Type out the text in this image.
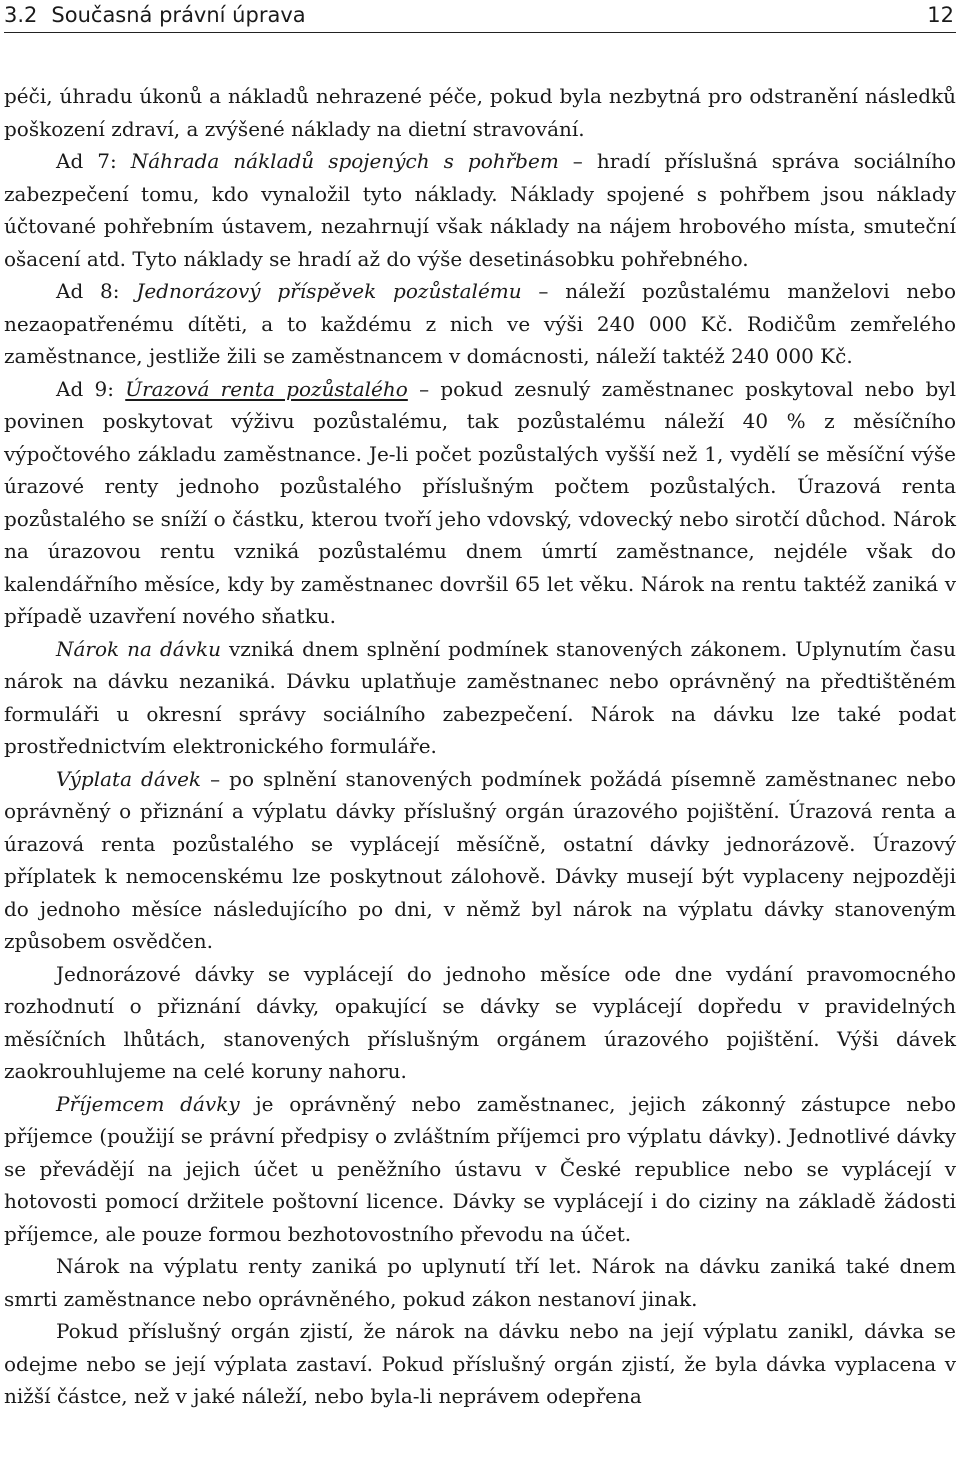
3.2 Současná právní úprava	12

péči, úhradu úkonů a nákladů nehrazené péče, pokud byla nezbytná pro odstranění následků poškození zdraví, a zvýšené náklady na dietní stravování.

Ad 7: Náhrada nákladů spojených s pohřbem – hradí příslušná správa sociálního zabezpečení tomu, kdo vynaložil tyto náklady. Náklady spojené s pohřbem jsou náklady účtované pohřebním ústavem, nezahrnují však náklady na nájem hrobového místa, smuteční ošacení atd. Tyto náklady se hradí až do výše desetinásobku pohřebného.

Ad 8: Jednorázový příspěvek pozůstalému – náleží pozůstalému manželovi nebo nezaopatřenému dítěti, a to každému z nich ve výši 240 000 Kč. Rodičům zemřelého zaměstnance, jestliže žili se zaměstnancem v domácnosti, náleží taktéž 240 000 Kč.

Ad 9: Úrazová renta pozůstalého – pokud zesnulý zaměstnanec poskytoval nebo byl povinen poskytovat výživu pozůstalému, tak pozůstalému náleží 40 % z měsíčního výpočtového základu zaměstnance. Je-li počet pozůstalých vyšší než 1, vydělí se měsíční výše úrazové renty jednoho pozůstalého příslušným počtem pozůstalých. Úrazová renta pozůstalého se sníží o částku, kterou tvoří jeho vdovský, vdovecký nebo sirotčí důchod. Nárok na úrazovou rentu vzniká pozůstalému dnem úmrtí zaměstnance, nejdéle však do kalendářního měsíce, kdy by zaměstnanec dovršil 65 let věku. Nárok na rentu taktéž zaniká v případě uzavření nového sňatku.

Nárok na dávku vzniká dnem splnění podmínek stanovených zákonem. Uplynutím času nárok na dávku nezaniká. Dávku uplatňuje zaměstnanec nebo oprávněný na předtištěném formuláři u okresní správy sociálního zabezpečení. Nárok na dávku lze také podat prostřednictvím elektronického formuláře.

Výplata dávek – po splnění stanovených podmínek požádá písemně zaměstnanec nebo oprávněný o přiznání a výplatu dávky příslušný orgán úrazového pojištění. Úrazová renta a úrazová renta pozůstalého se vyplácejí měsíčně, ostatní dávky jednorázově. Úrazový příplatek k nemocenskému lze poskytnout zálohově. Dávky musejí být vyplaceny nejpozději do jednoho měsíce následujícího po dni, v němž byl nárok na výplatu dávky stanoveným způsobem osvědčen.

Jednorázové dávky se vyplácejí do jednoho měsíce ode dne vydání pravomocného rozhodnutí o přiznání dávky, opakující se dávky se vyplácejí dopředu v pravidelných měsíčních lhůtách, stanovených příslušným orgánem úrazového pojištění. Výši dávek zaokrouhlujeme na celé koruny nahoru.

Příjemcem dávky je oprávněný nebo zaměstnanec, jejich zákonný zástupce nebo příjemce (použijí se právní předpisy o zvláštním příjemci pro výplatu dávky). Jednotlivé dávky se převádějí na jejich účet u peněžního ústavu v České republice nebo se vyplácejí v hotovosti pomocí držitele poštovní licence. Dávky se vyplácejí i do ciziny na základě žádosti příjemce, ale pouze formou bezhotovostního převodu na účet.

Nárok na výplatu renty zaniká po uplynutí tří let. Nárok na dávku zaniká také dnem smrti zaměstnance nebo oprávněného, pokud zákon nestanoví jinak.

Pokud příslušný orgán zjistí, že nárok na dávku nebo na její výplatu zanikl, dávka se odejme nebo se její výplata zastaví. Pokud příslušný orgán zjistí, že byla dávka vyplacena v nižší částce, než v jaké náleží, nebo byla-li neprávem odepřena
